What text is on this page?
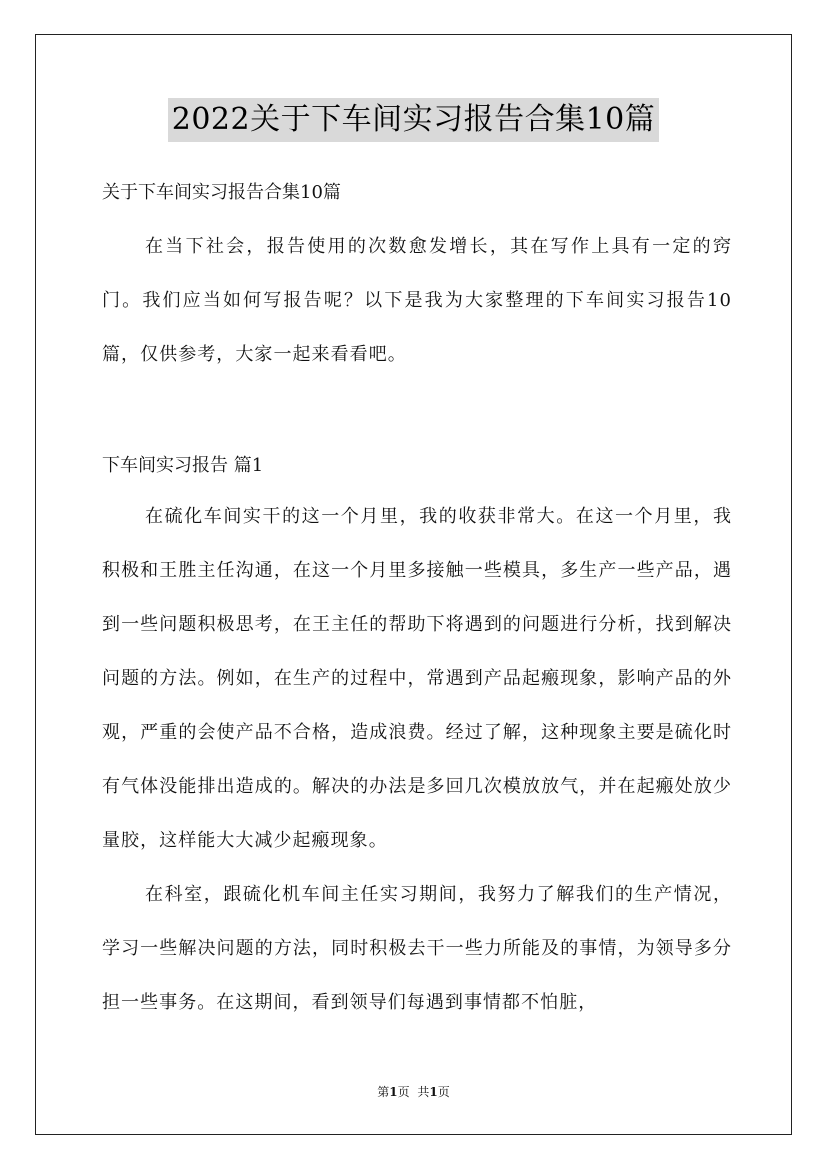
2022关于下车间实习报告合集10篇

关于下车间实习报告合集10篇

在当下社会，报告使用的次数愈发增长，其在写作上具有一定的窍门。我们应当如何写报告呢？以下是我为大家整理的下车间实习报告10篇，仅供参考，大家一起来看看吧。

下车间实习报告 篇1

在硫化车间实干的这一个月里，我的收获非常大。在这一个月里，我积极和王胜主任沟通，在这一个月里多接触一些模具，多生产一些产品，遇到一些问题积极思考，在王主任的帮助下将遇到的问题进行分析，找到解决问题的方法。例如，在生产的过程中，常遇到产品起瘢现象，影响产品的外观，严重的会使产品不合格，造成浪费。经过了解，这种现象主要是硫化时有气体没能排出造成的。解决的办法是多回几次模放放气，并在起瘢处放少量胶，这样能大大减少起瘢现象。

在科室，跟硫化机车间主任实习期间，我努力了解我们的生产情况，学习一些解决问题的方法，同时积极去干一些力所能及的事情，为领导多分担一些事务。在这期间，看到领导们每遇到事情都不怕脏，

第1页 共1页
